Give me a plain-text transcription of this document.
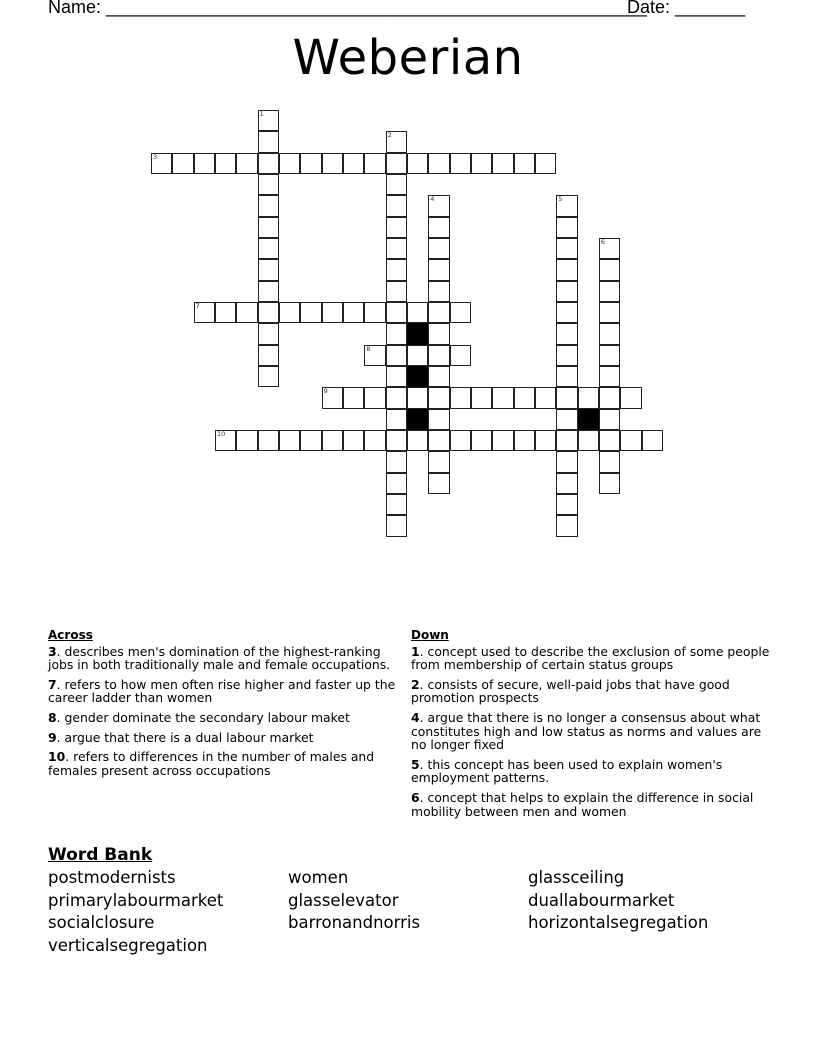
Name: ______________________________________________________
Date: _______
Weberian
1
2
3
4	5
6
7
8
9
10
Across
3. describes men's domination of the highest-ranking jobs in both traditionally male and female occupations.
7. refers to how men often rise higher and faster up the career ladder than women
8. gender dominate the secondary labour maket
9. argue that there is a dual labour market
10. refers to differences in the number of males and females present across occupations
Down
1. concept used to describe the exclusion of some people from membership of certain status groups
2. consists of secure, well-paid jobs that have good promotion prospects
4. argue that there is no longer a consensus about what constitutes high and low status as norms and values are no longer fixed
5. this concept has been used to explain women's employment patterns.
6. concept that helps to explain the difference in social mobility between men and women
Word Bank
postmodernists	women	glassceiling
primarylabourmarket	glasselevator	duallabourmarket
socialclosure	barronandnorris	horizontalsegregation
verticalsegregation
